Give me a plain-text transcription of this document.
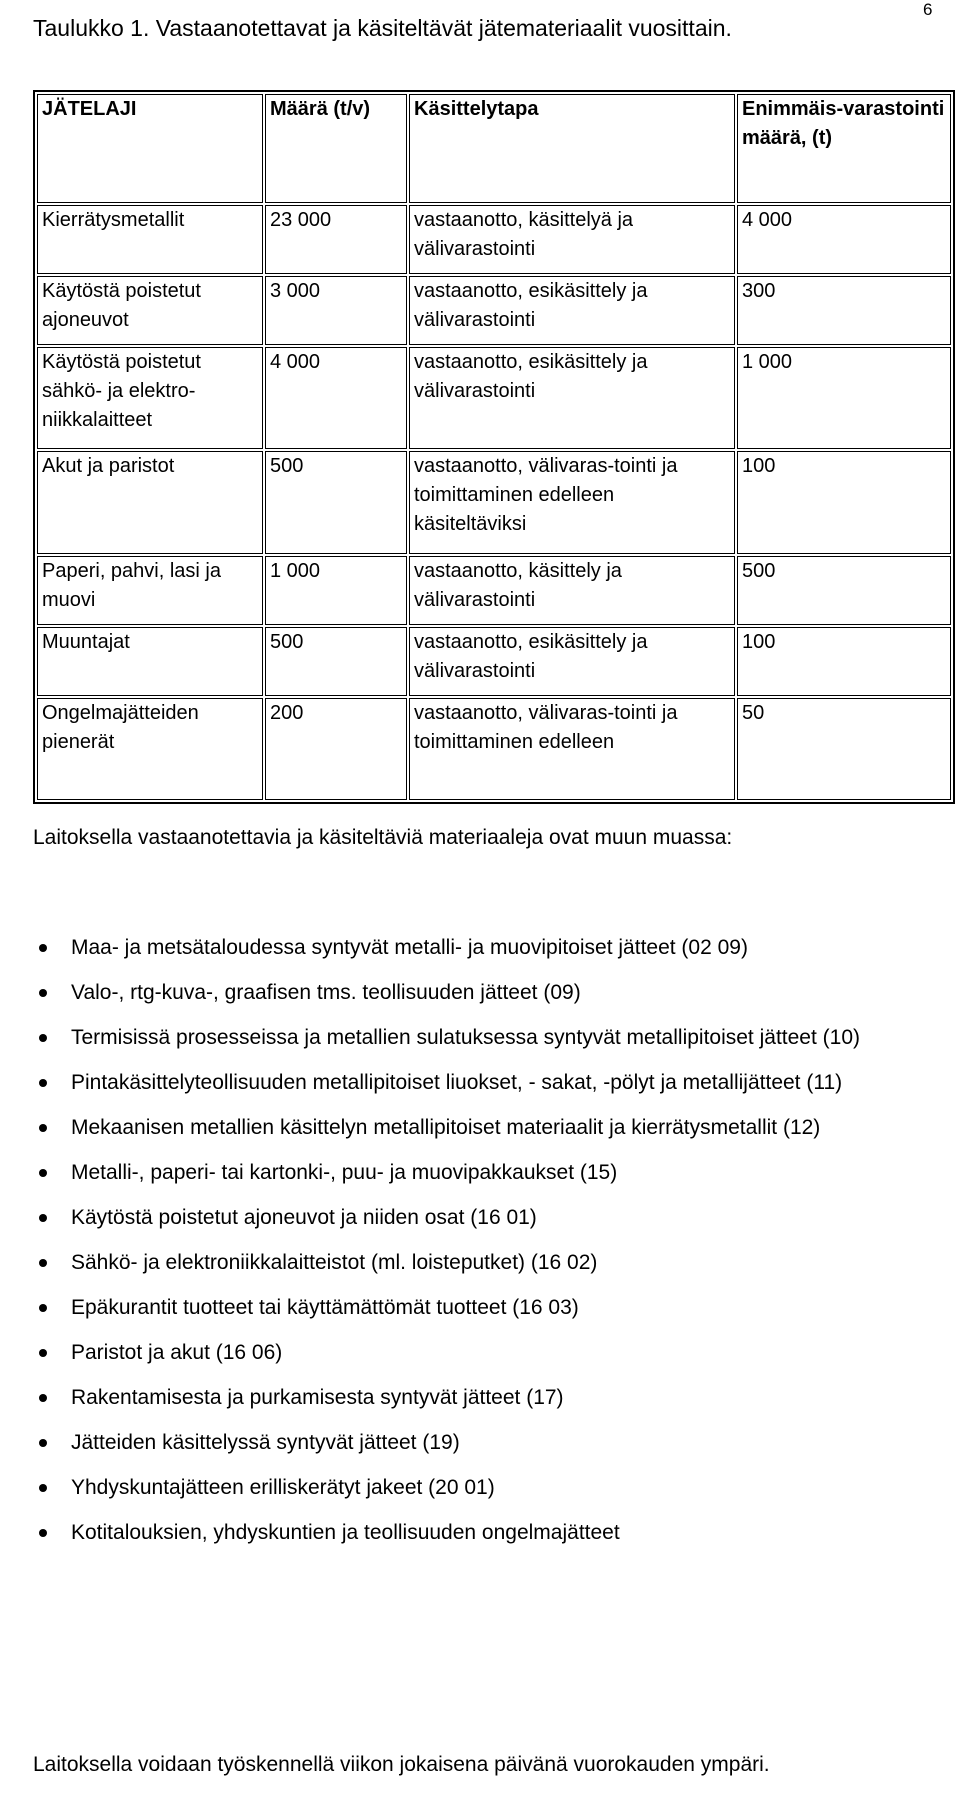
6
Taulukko 1. Vastaanotettavat ja käsiteltävät jätemateriaalit vuosittain.
JÄTELAJI	Määrä (t/v)	Käsittelytapa	Enimmäis-varastointi määrä, (t)
Kierrätysmetallit	23 000	vastaanotto, käsittelyä ja välivarastointi	4 000
Käytöstä poistetut ajoneuvot	3 000	vastaanotto, esikäsittely ja välivarastointi	300
Käytöstä poistetut sähkö- ja elektro-niikkalaitteet	4 000	vastaanotto, esikäsittely ja välivarastointi	1 000
Akut ja paristot	500	vastaanotto, välivaras-tointi ja toimittaminen edelleen käsiteltäviksi	100
Paperi, pahvi, lasi ja muovi	1 000	vastaanotto, käsittely ja välivarastointi	500
Muuntajat	500	vastaanotto, esikäsittely ja välivarastointi	100
Ongelmajätteiden pienerät	200	vastaanotto, välivaras-tointi ja toimittaminen edelleen	50

Laitoksella vastaanotettavia ja käsiteltäviä materiaaleja ovat muun muassa:

Maa- ja metsätaloudessa syntyvät metalli- ja muovipitoiset jätteet (02 09)
Valo-, rtg-kuva-, graafisen tms. teollisuuden jätteet (09)
Termisissä prosesseissa ja metallien sulatuksessa syntyvät metallipitoiset jätteet (10)
Pintakäsittelyteollisuuden metallipitoiset liuokset, - sakat, -pölyt ja metallijätteet (11)
Mekaanisen metallien käsittelyn metallipitoiset materiaalit ja kierrätysmetallit (12)
Metalli-, paperi- tai kartonki-, puu- ja muovipakkaukset (15)
Käytöstä poistetut ajoneuvot ja niiden osat (16 01)
Sähkö- ja elektroniikkalaitteistot (ml. loisteputket) (16 02)
Epäkurantit tuotteet tai käyttämättömät tuotteet (16 03)
Paristot ja akut (16 06)
Rakentamisesta ja purkamisesta syntyvät jätteet (17)
Jätteiden käsittelyssä syntyvät jätteet (19)
Yhdyskuntajätteen erilliskerätyt jakeet (20 01)
Kotitalouksien, yhdyskuntien ja teollisuuden ongelmajätteet

Laitoksella voidaan työskennellä viikon jokaisena päivänä vuorokauden ympäri.
